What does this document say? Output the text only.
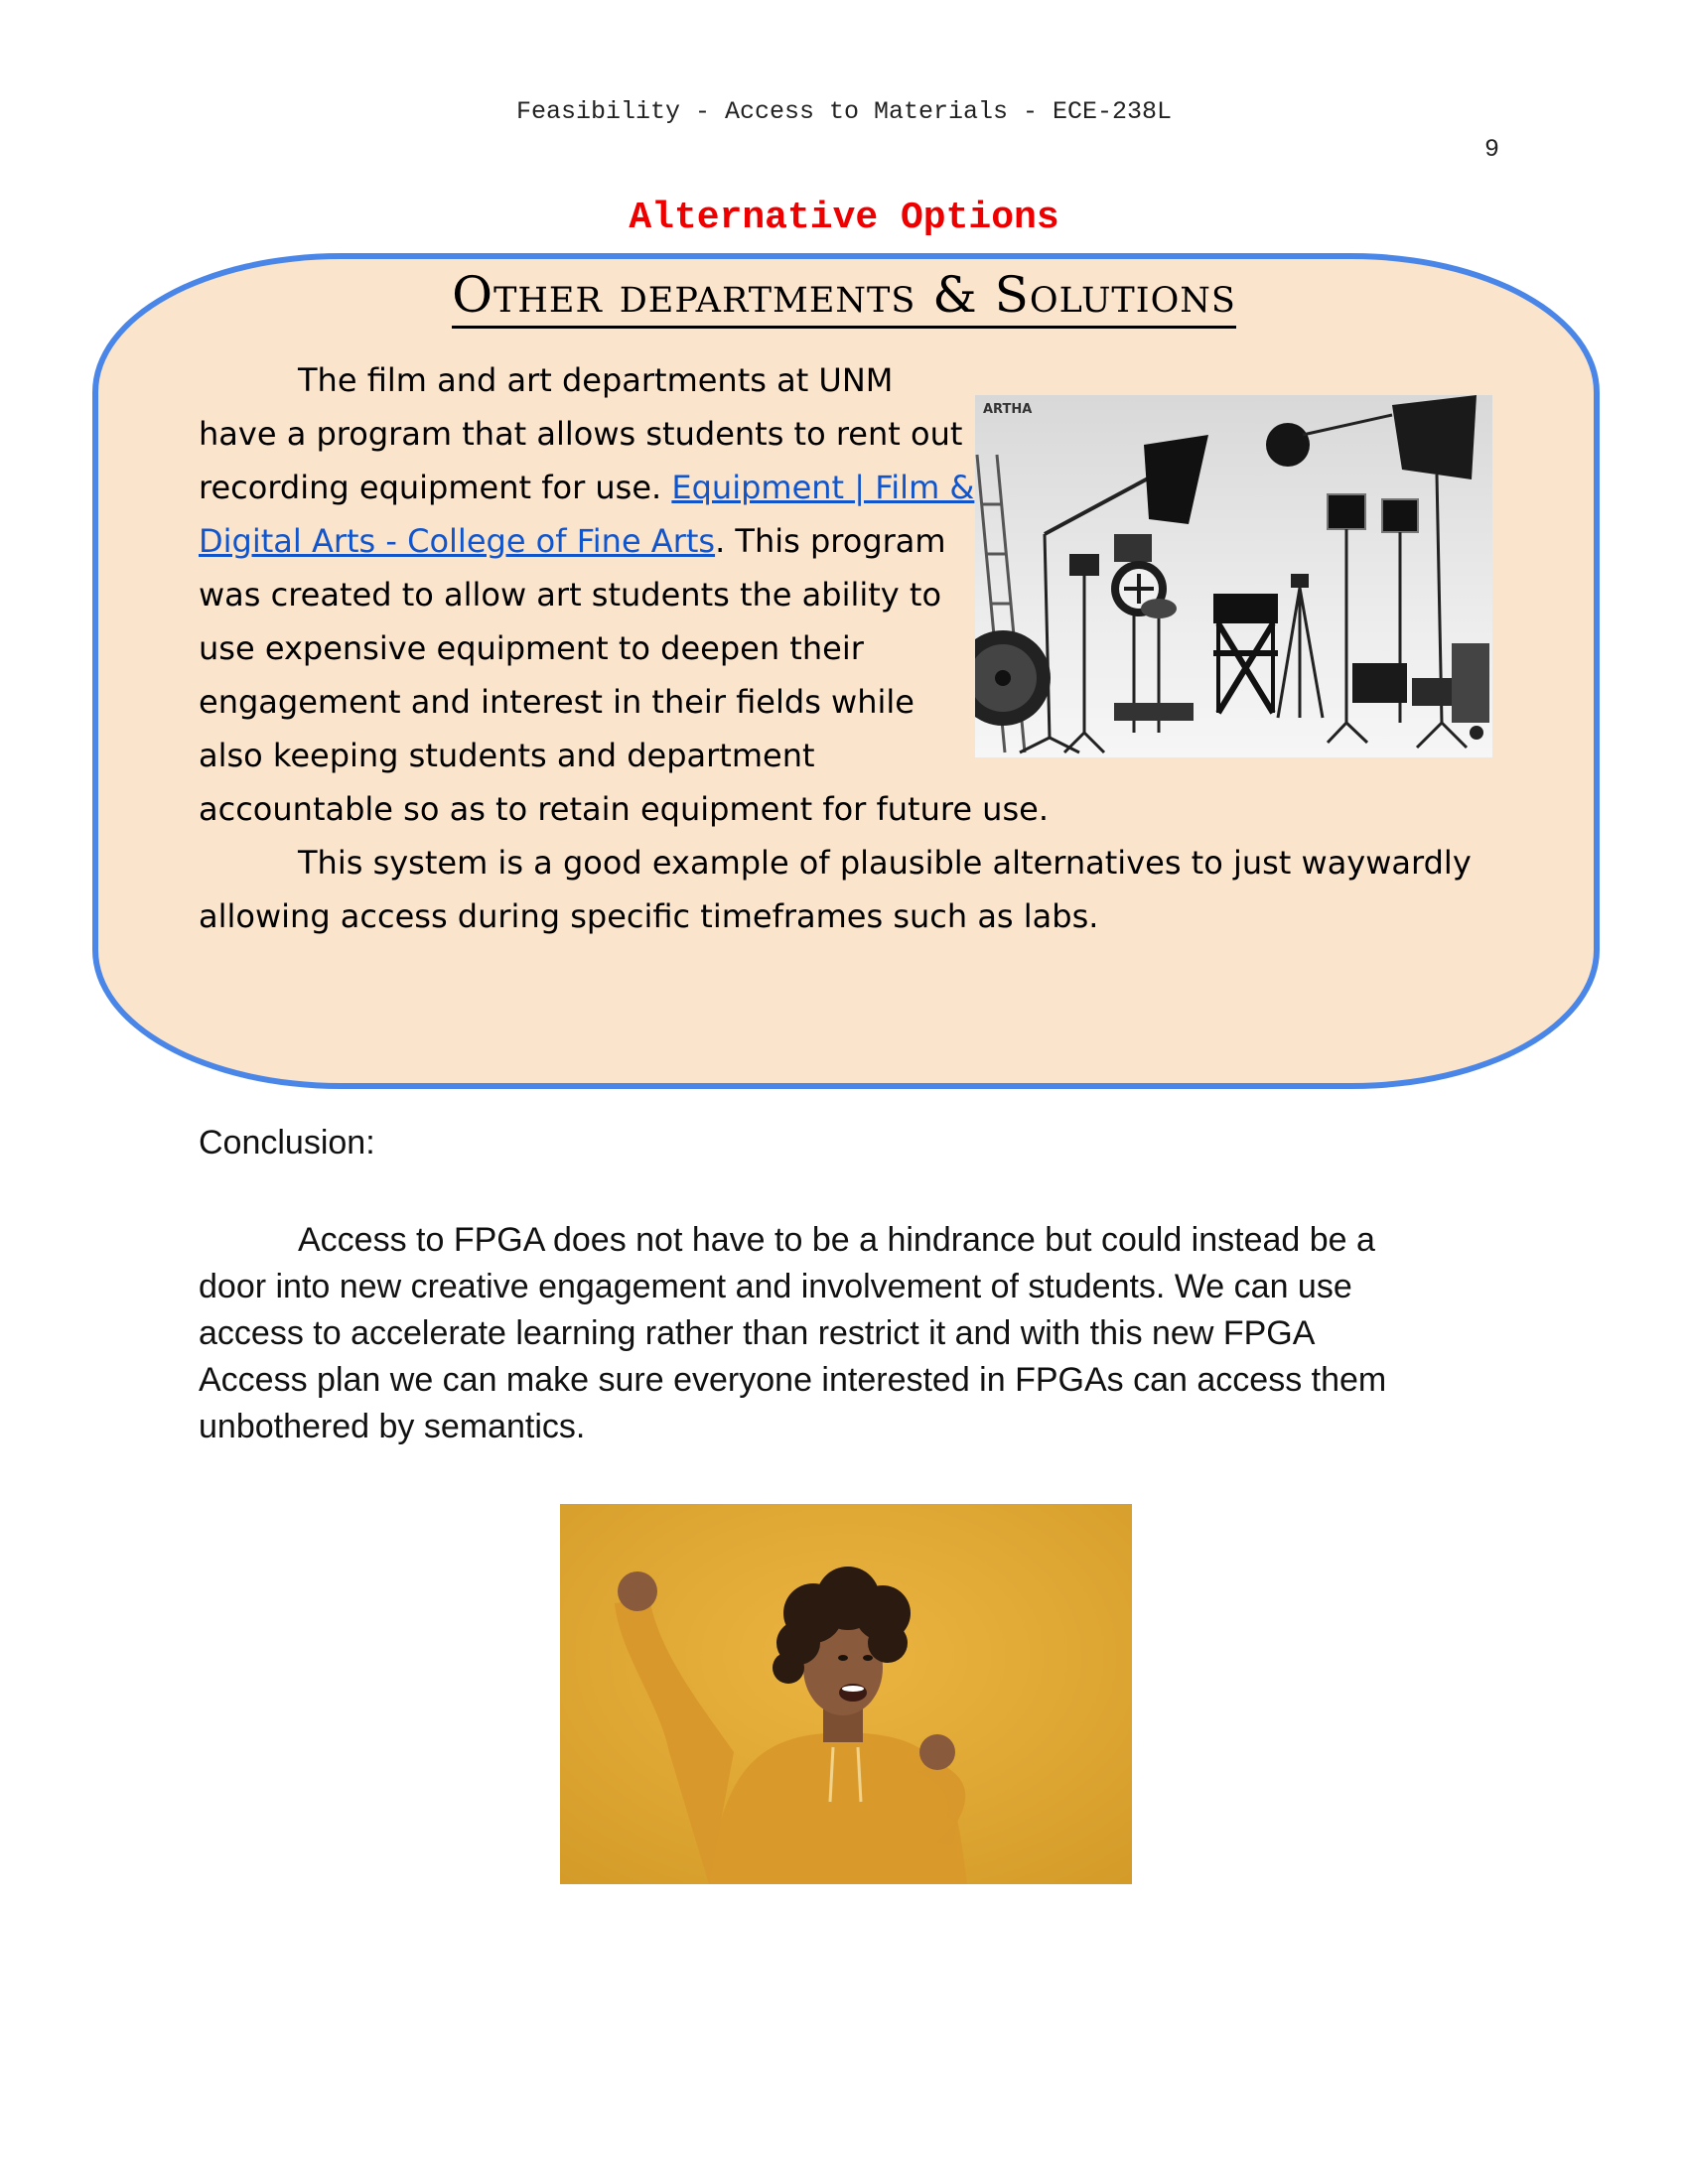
Feasibility - Access to Materials - ECE-238L
9
Alternative Options
Other departments & Solutions
The film and art departments at UNM
have a program that allows students to rent out
recording equipment for use. Equipment | Film &
Digital Arts - College of Fine Arts. This program
was created to allow art students the ability to
use expensive equipment to deepen their
engagement and interest in their fields while
also keeping students and department
accountable so as to retain equipment for future use.
This system is a good example of plausible alternatives to just waywardly
allowing access during specific timeframes such as labs.
ARTHA
Conclusion:
Access to FPGA does not have to be a hindrance but could instead be a
door into new creative engagement and involvement of students. We can use
access to accelerate learning rather than restrict it and with this new FPGA
Access plan we can make sure everyone interested in FPGAs can access them
unbothered by semantics.
